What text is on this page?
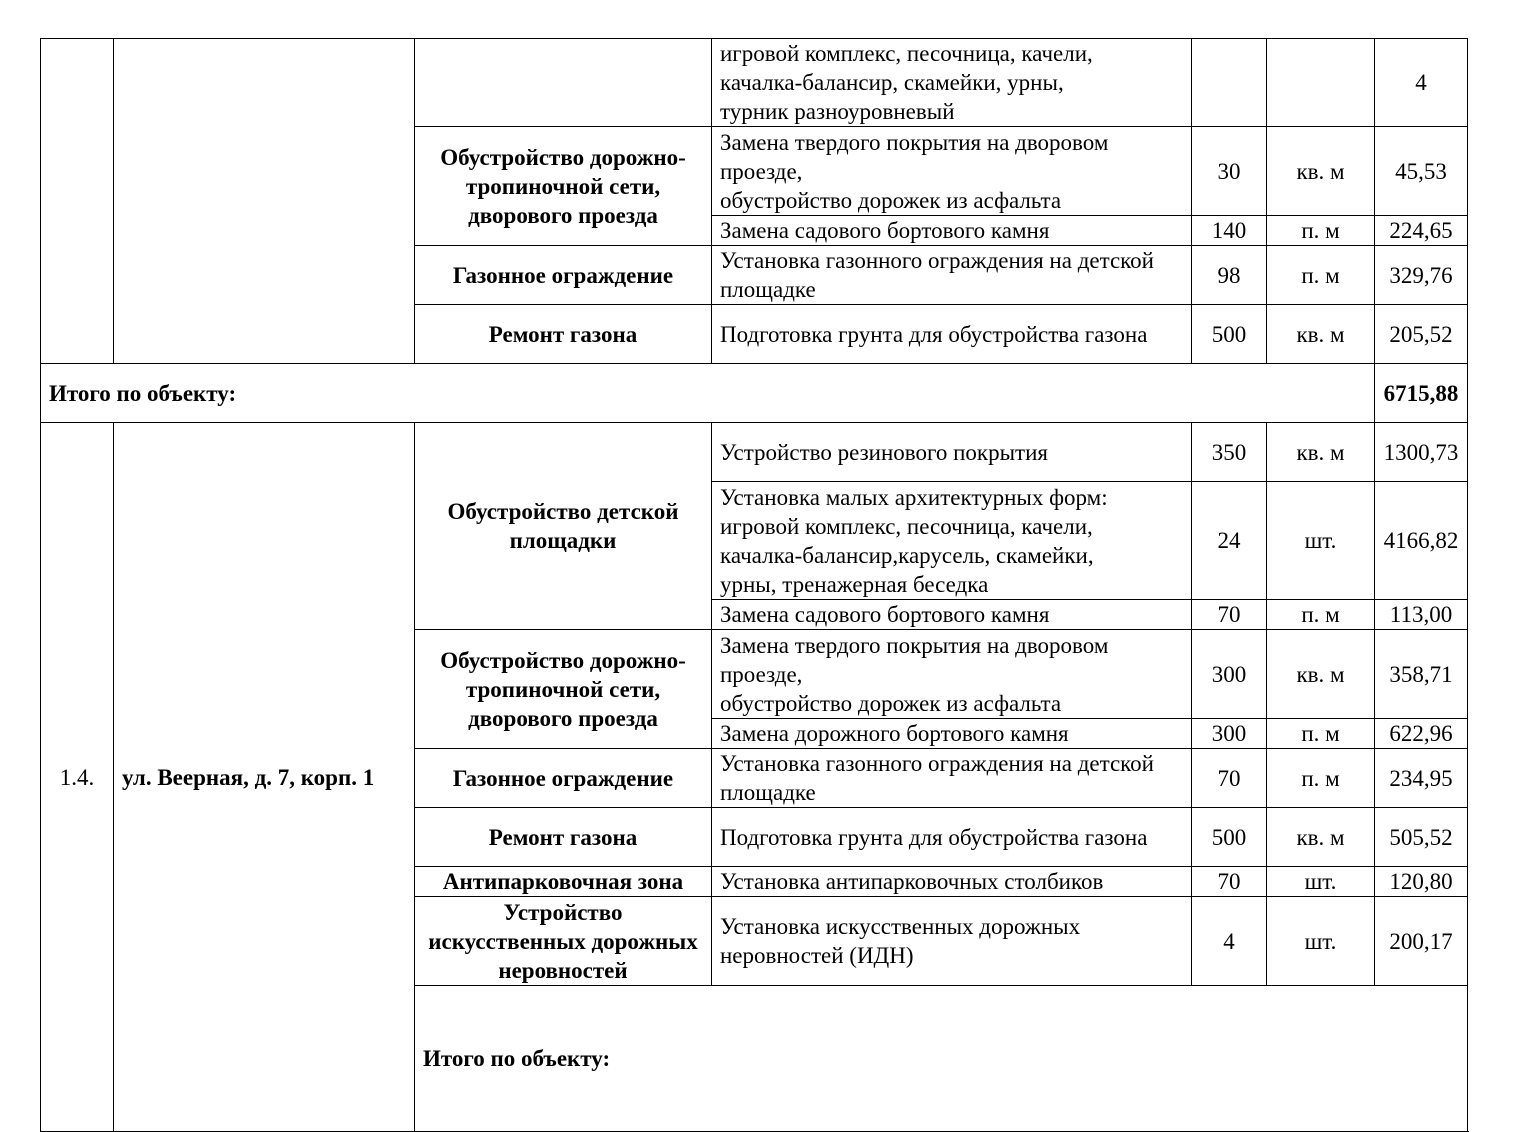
			игровой комплекс, песочница, качели,
качалка-балансир, скамейки, урны,
турник разноуровневый			4	
		Обустройство дорожно-тропиночной сети, дворового проезда	Замена твердого покрытия на дворовом проезде,
обустройство дорожек из асфальта	30	кв. м	45,53	
			Замена садового бортового камня	140	п. м	224,65	
		Газонное ограждение	Установка газонного ограждения на детской площадке	98	п. м	329,76	
		Ремонт газона	Подготовка грунта для обустройства газона	500	кв. м	205,52	
Итого по объекту:						6715,88	
1.4.	ул. Веерная, д. 7, корп. 1	Обустройство детской площадки	Устройство резинового покрытия	350	кв. м	1300,73	
			Установка малых архитектурных форм:
игровой комплекс, песочница, качели,
качалка-балансир,карусель, скамейки,
урны, тренажерная беседка	24	шт.	4166,82	
			Замена садового бортового камня	70	п. м	113,00	
		Обустройство дорожно-тропиночной сети, дворового проезда	Замена твердого покрытия на дворовом проезде,
обустройство дорожек из асфальта	300	кв. м	358,71	
			Замена дорожного бортового камня	300	п. м	622,96	
		Газонное ограждение	Установка газонного ограждения на детской площадке	70	п. м	234,95	
		Ремонт газона	Подготовка грунта для обустройства газона	500	кв. м	505,52	
		Антипарковочная зона	Установка антипарковочных столбиков	70	шт.	120,80	
		Устройство искусственных дорожных неровностей	Установка искусственных дорожных неровностей (ИДН)	4	шт.	200,17	
		Итого по объекту:	
